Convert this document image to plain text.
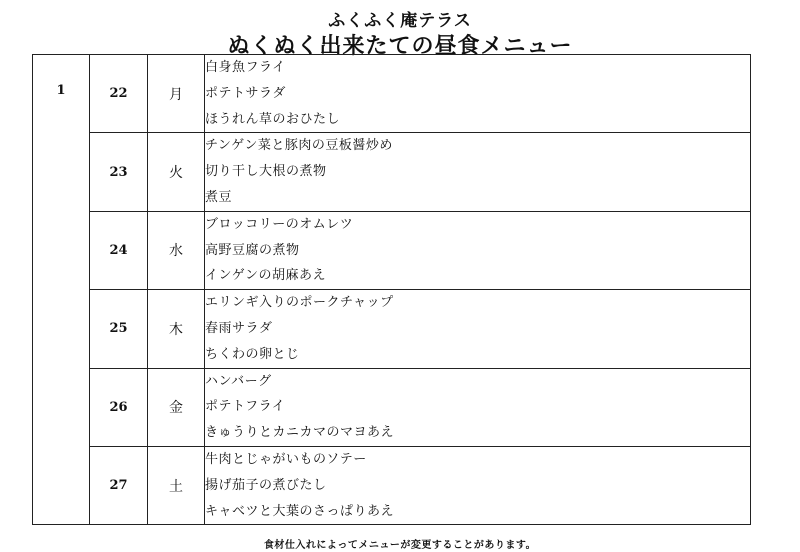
ふくふく庵テラス
ぬくぬく出来たての昼食メニュー
1	22	月	白身魚フライ
ポテトサラダ
ほうれん草のおひたし

	23	火	チンゲン菜と豚肉の豆板醤炒め
切り干し大根の煮物
煮豆

	24	水	ブロッコリーのオムレツ
高野豆腐の煮物
インゲンの胡麻あえ

	25	木	エリンギ入りのポークチャップ
春雨サラダ
ちくわの卵とじ

	26	金	ハンバーグ
ポテトフライ
きゅうりとカニカマのマヨあえ

	27	土	牛肉とじゃがいものソテー
揚げ茄子の煮びたし
キャベツと大葉のさっぱりあえ
食材仕入れによってメニューが変更することがあります。
